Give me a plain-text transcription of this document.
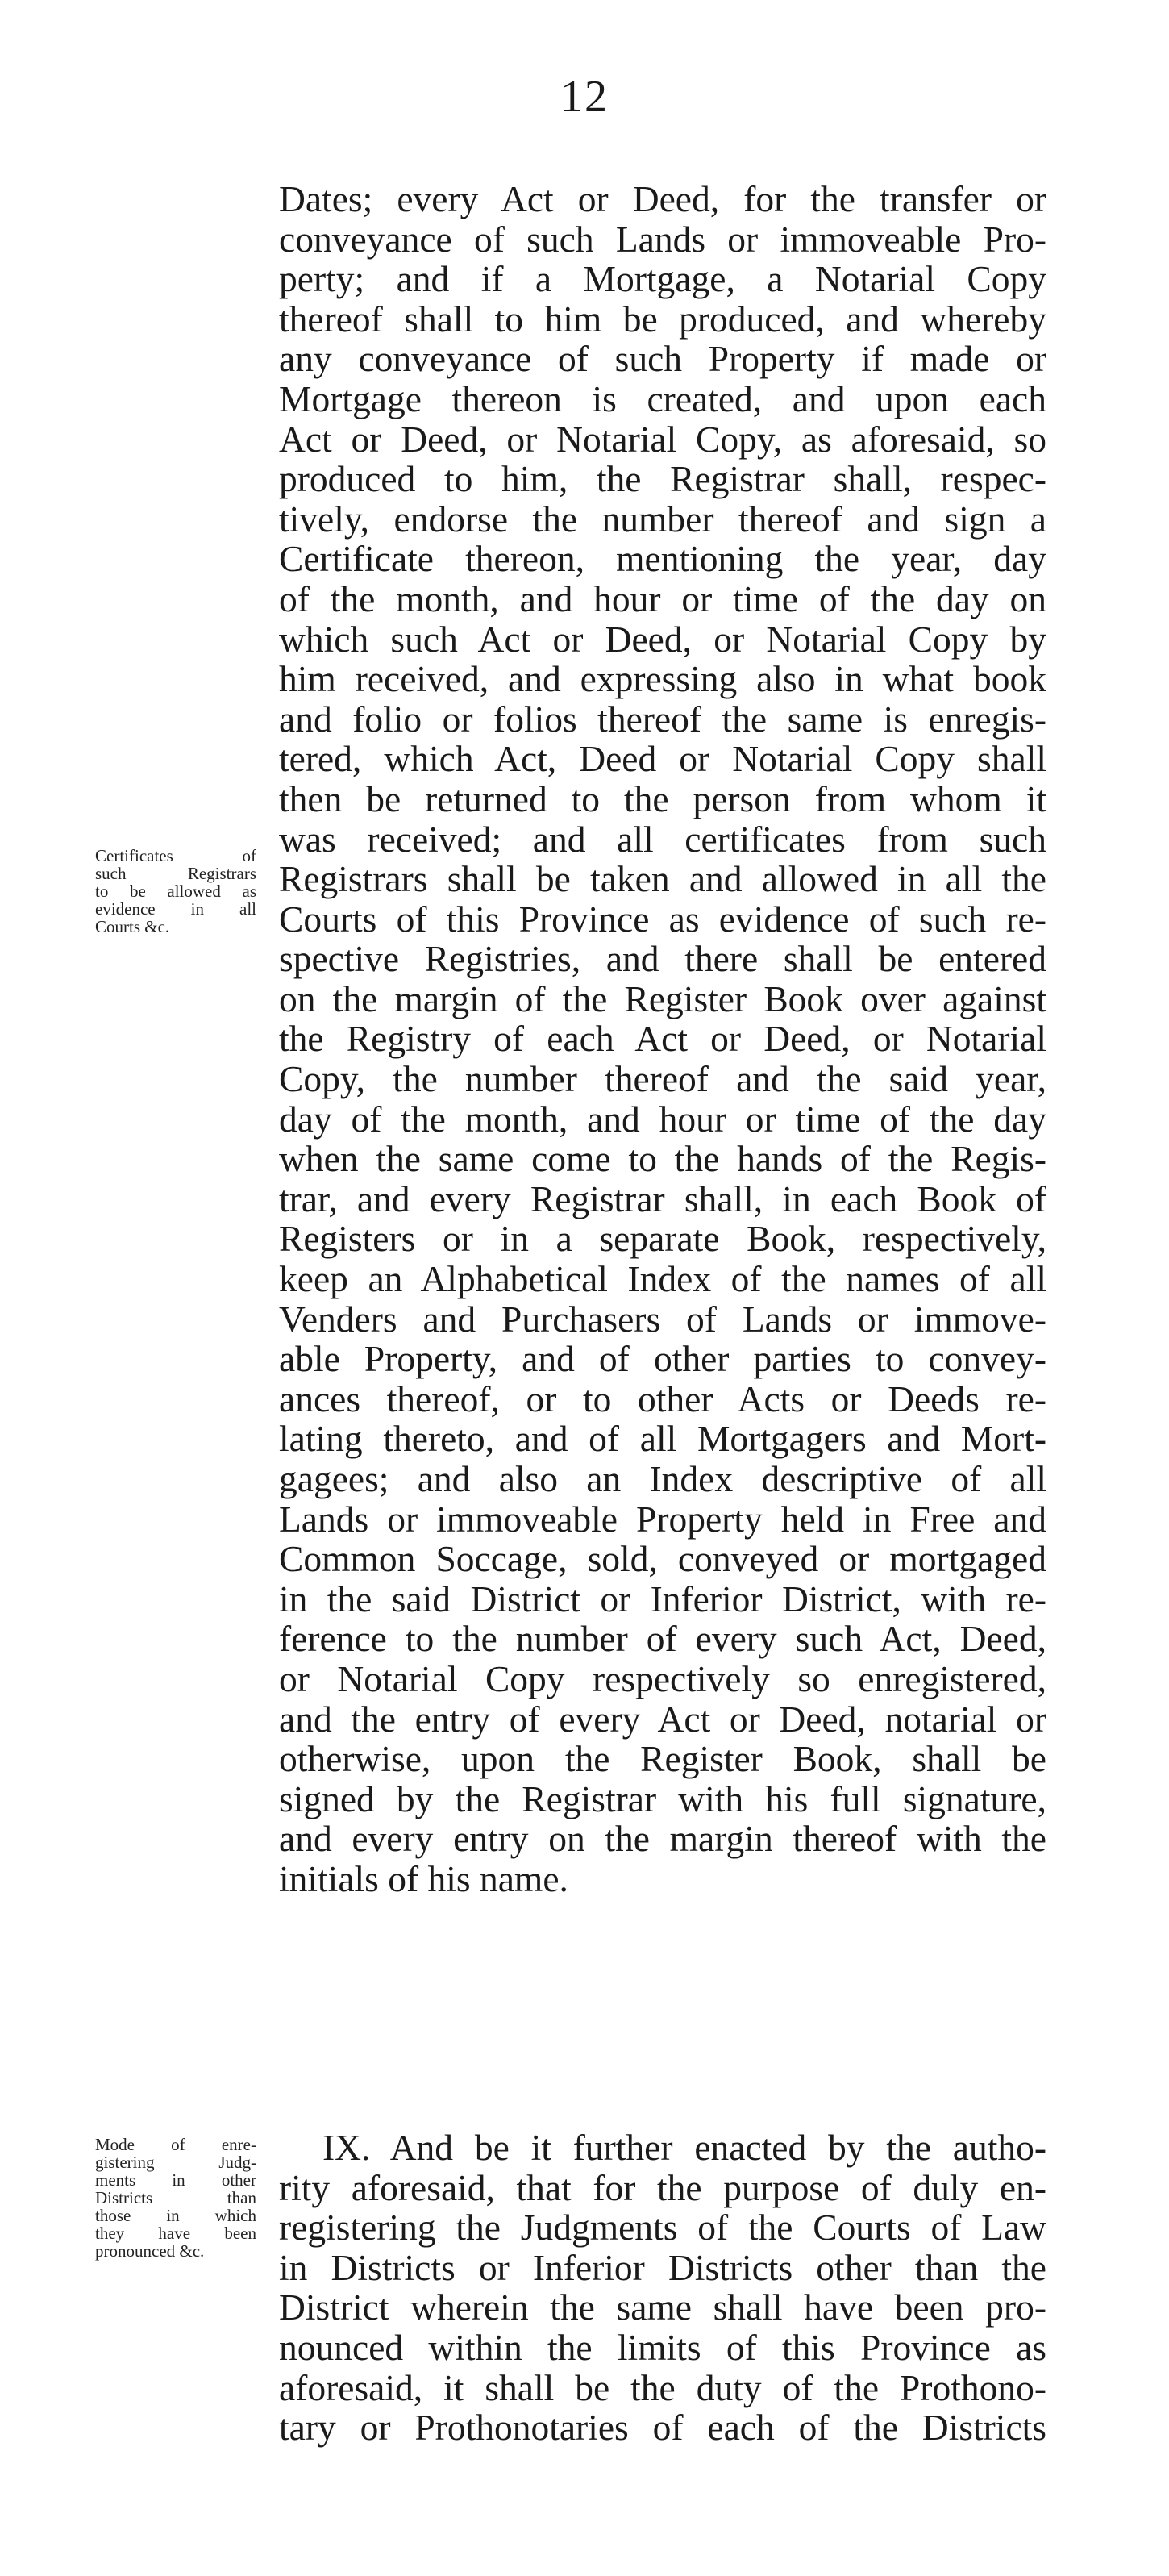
12
Dates; every Act or Deed, for the transfer or
conveyance of such Lands or immoveable Pro-
perty; and if a Mortgage, a Notarial Copy
thereof shall to him be produced, and whereby
any conveyance of such Property if made or
Mortgage thereon is created, and upon each
Act or Deed, or Notarial Copy, as aforesaid, so
produced to him, the Registrar shall, respec-
tively, endorse the number thereof and sign a
Certificate thereon, mentioning the year, day
of the month, and hour or time of the day on
which such Act or Deed, or Notarial Copy by
him received, and expressing also in what book
and folio or folios thereof the same is enregis-
tered, which Act, Deed or Notarial Copy shall
then be returned to the person from whom it
was received; and all certificates from such
Registrars shall be taken and allowed in all the
Courts of this Province as evidence of such re-
spective Registries, and there shall be entered
on the margin of the Register Book over against
the Registry of each Act or Deed, or Notarial
Copy, the number thereof and the said year,
day of the month, and hour or time of the day
when the same come to the hands of the Regis-
trar, and every Registrar shall, in each Book of
Registers or in a separate Book, respectively,
keep an Alphabetical Index of the names of all
Venders and Purchasers of Lands or immove-
able Property, and of other parties to convey-
ances thereof, or to other Acts or Deeds re-
lating thereto, and of all Mortgagers and Mort-
gagees; and also an Index descriptive of all
Lands or immoveable Property held in Free and
Common Soccage, sold, conveyed or mortgaged
in the said District or Inferior District, with re-
ference to the number of every such Act, Deed,
or Notarial Copy respectively so enregistered,
and the entry of every Act or Deed, notarial or
otherwise, upon the Register Book, shall be
signed by the Registrar with his full signature,
and every entry on the margin thereof with the
initials of his name.
Certificates of
such Registrars
to be allowed as
evidence in all
Courts &c.
Mode of enre-
gistering Judg-
ments in other
Districts than
those in which
they have been
pronounced &c.
IX. And be it further enacted by the autho-
rity aforesaid, that for the purpose of duly en-
registering the Judgments of the Courts of Law
in Districts or Inferior Districts other than the
District wherein the same shall have been pro-
nounced within the limits of this Province as
aforesaid, it shall be the duty of the Prothono-
tary or Prothonotaries of each of the Districts
